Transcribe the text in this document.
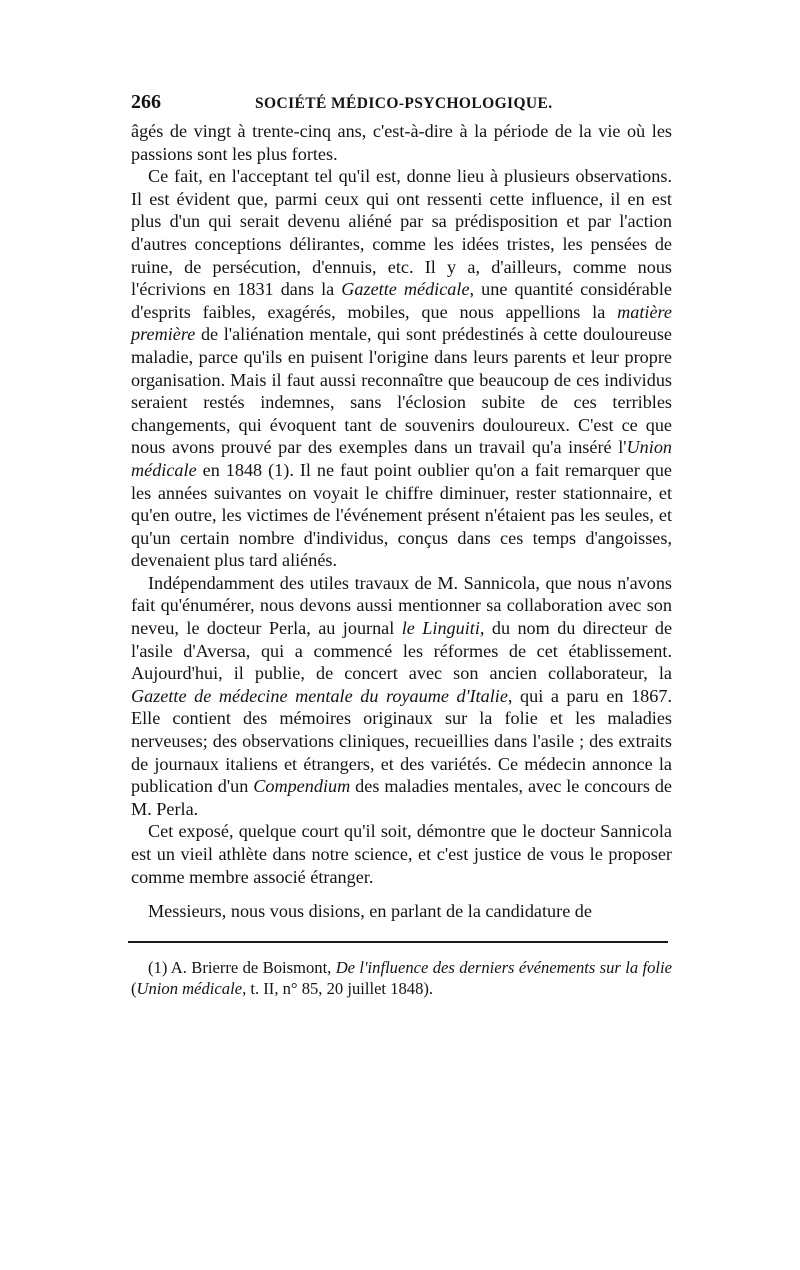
266	SOCIÉTÉ MÉDICO-PSYCHOLOGIQUE.

âgés de vingt à trente-cinq ans, c'est-à-dire à la période de la vie où les passions sont les plus fortes.

Ce fait, en l'acceptant tel qu'il est, donne lieu à plusieurs observations. Il est évident que, parmi ceux qui ont ressenti cette influence, il en est plus d'un qui serait devenu aliéné par sa prédisposition et par l'action d'autres conceptions délirantes, comme les idées tristes, les pensées de ruine, de persécution, d'ennuis, etc. Il y a, d'ailleurs, comme nous l'écrivions en 1831 dans la Gazette médicale, une quantité considérable d'esprits faibles, exagérés, mobiles, que nous appellions la matière première de l'aliénation mentale, qui sont prédestinés à cette douloureuse maladie, parce qu'ils en puisent l'origine dans leurs parents et leur propre organisation. Mais il faut aussi reconnaître que beaucoup de ces individus seraient restés indemnes, sans l'éclosion subite de ces terribles changements, qui évoquent tant de souvenirs douloureux. C'est ce que nous avons prouvé par des exemples dans un travail qu'a inséré l'Union médicale en 1848 (1). Il ne faut point oublier qu'on a fait remarquer que les années suivantes on voyait le chiffre diminuer, rester stationnaire, et qu'en outre, les victimes de l'événement présent n'étaient pas les seules, et qu'un certain nombre d'individus, conçus dans ces temps d'angoisses, devenaient plus tard aliénés.

Indépendamment des utiles travaux de M. Sannicola, que nous n'avons fait qu'énumérer, nous devons aussi mentionner sa collaboration avec son neveu, le docteur Perla, au journal le Linguiti, du nom du directeur de l'asile d'Aversa, qui a commencé les réformes de cet établissement. Aujourd'hui, il publie, de concert avec son ancien collaborateur, la Gazette de médecine mentale du royaume d'Italie, qui a paru en 1867. Elle contient des mémoires originaux sur la folie et les maladies nerveuses; des observations cliniques, recueillies dans l'asile ; des extraits de journaux italiens et étrangers, et des variétés. Ce médecin annonce la publication d'un Compendium des maladies mentales, avec le concours de M. Perla.

Cet exposé, quelque court qu'il soit, démontre que le docteur Sannicola est un vieil athlète dans notre science, et c'est justice de vous le proposer comme membre associé étranger.

Messieurs, nous vous disions, en parlant de la candidature de

(1) A. Brierre de Boismont, De l'influence des derniers événements sur la folie (Union médicale, t. II, n° 85, 20 juillet 1848).
